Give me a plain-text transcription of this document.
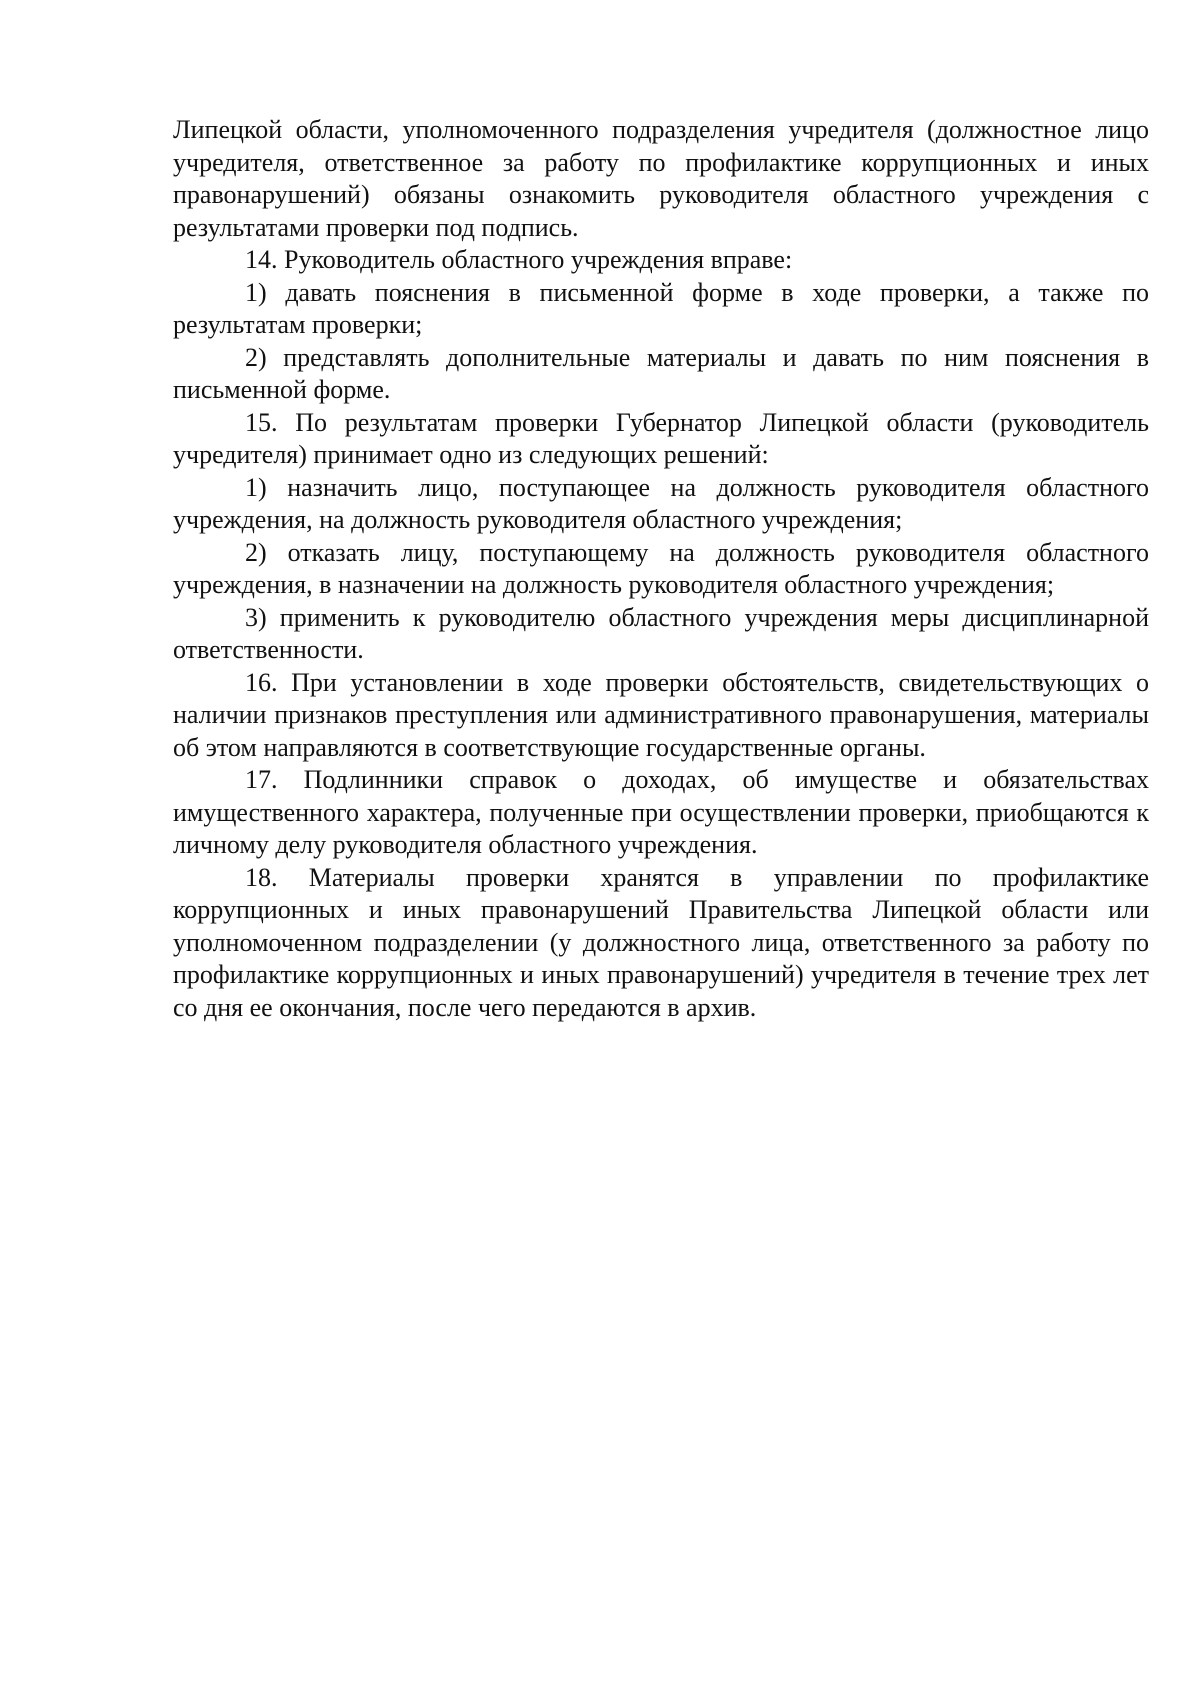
Липецкой области, уполномоченного подразделения учредителя (должностное лицо учредителя, ответственное за работу по профилактике коррупционных и иных правонарушений) обязаны ознакомить руководителя областного учреждения с результатами проверки под подпись.

14. Руководитель областного учреждения вправе:

1) давать пояснения в письменной форме в ходе проверки, а также по результатам проверки;

2) представлять дополнительные материалы и давать по ним пояснения в письменной форме.

15. По результатам проверки Губернатор Липецкой области (руководитель учредителя) принимает одно из следующих решений:

1) назначить лицо, поступающее на должность руководителя областного учреждения, на должность руководителя областного учреждения;

2) отказать лицу, поступающему на должность руководителя областного учреждения, в назначении на должность руководителя областного учреждения;

3) применить к руководителю областного учреждения меры дисциплинарной ответственности.

16. При установлении в ходе проверки обстоятельств, свидетельствующих о наличии признаков преступления или административного правонарушения, материалы об этом направляются в соответствующие государственные органы.

17. Подлинники справок о доходах, об имуществе и обязательствах имущественного характера, полученные при осуществлении проверки, приобщаются к личному делу руководителя областного учреждения.

18. Материалы проверки хранятся в управлении по профилактике коррупционных и иных правонарушений Правительства Липецкой области или уполномоченном подразделении (у должностного лица, ответственного за работу по профилактике коррупционных и иных правонарушений) учредителя в течение трех лет со дня ее окончания, после чего передаются в архив.
